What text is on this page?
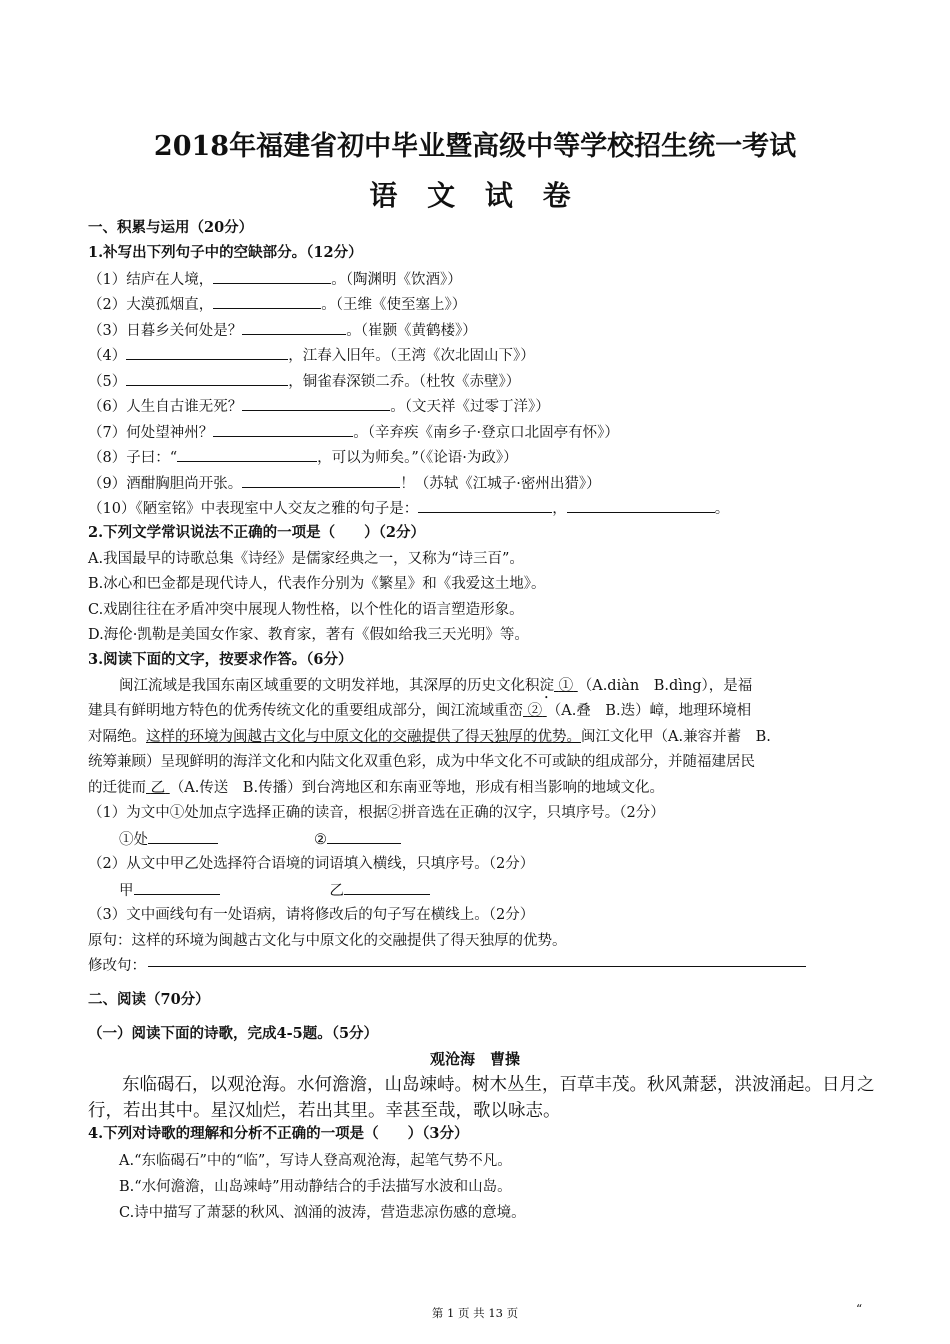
2018年福建省初中毕业暨高级中等学校招生统一考试
语 文 试 卷
一、积累与运用（20分）
1.补写出下列句子中的空缺部分。（12分）
（1）结庐在人境，	。（陶渊明《饮酒》）
（2）大漠孤烟直，	。（王维《使至塞上》）
（3）日暮乡关何处是？	。（崔颢《黄鹤楼》）
（4）	，江春入旧年。（王湾《次北固山下》）
（5）	，铜雀春深锁二乔。（杜牧《赤壁》）
（6）人生自古谁无死？	。（文天祥《过零丁洋》）
（7）何处望神州？	。（辛弃疾《南乡子·登京口北固亭有怀》）
（8）子曰：“	，可以为师矣。”（《论语·为政》）
（9）酒酣胸胆尚开张。	！（苏轼《江城子·密州出猎》）
（10）《陋室铭》中表现室中人交友之雅的句子是：	，	。
2.下列文学常识说法不正确的一项是（　　）（2分）
A.我国最早的诗歌总集《诗经》是儒家经典之一，又称为“诗三百”。
B.冰心和巴金都是现代诗人，代表作分别为《繁星》和《我爱这土地》。
C.戏剧往往在矛盾冲突中展现人物性格，以个性化的语言塑造形象。
D.海伦·凯勒是美国女作家、教育家，著有《假如给我三天光明》等。
3.阅读下面的文字，按要求作答。（6分）
闽江流域是我国东南区域重要的文明发祥地，其深厚的历史文化积淀 ① （A.diàn　B.dìng），是福
建具有鲜明地方特色的优秀传统文化的重要组成部分，闽江流域重峦 ② （A.叠　B.迭）嶂，地理环境相
对隔绝。这样的环境为闽越古文化与中原文化的交融提供了得天独厚的优势。闽江文化甲（A.兼容并蓄　B.
统筹兼顾）呈现鲜明的海洋文化和内陆文化双重色彩，成为中华文化不可或缺的组成部分，并随福建居民
的迁徙而 乙 （A.传送　B.传播）到台湾地区和东南亚等地，形成有相当影响的地域文化。
（1）为文中①处加点字选择正确的读音，根据②拼音选在正确的汉字，只填序号。（2分）
①处	②
（2）从文中甲乙处选择符合语境的词语填入横线，只填序号。（2分）
甲	乙
（3）文中画线句有一处语病，请将修改后的句子写在横线上。（2分）
原句：这样的环境为闽越古文化与中原文化的交融提供了得天独厚的优势。
修改句：
二、阅读（70分）
（一）阅读下面的诗歌，完成4-5题。（5分）
观沧海　曹操
东临碣石，以观沧海。水何澹澹，山岛竦峙。树木丛生，百草丰茂。秋风萧瑟，洪波涌起。日月之行，若出其中。星汉灿烂，若出其里。幸甚至哉，歌以咏志。
4.下列对诗歌的理解和分析不正确的一项是（　　）（3分）
A.“东临碣石”中的“临”，写诗人登高观沧海，起笔气势不凡。
B.“水何澹澹，山岛竦峙”用动静结合的手法描写水波和山岛。
C.诗中描写了萧瑟的秋风、汹涌的波涛，营造悲凉伤感的意境。
第 1 页 共 13 页	“
